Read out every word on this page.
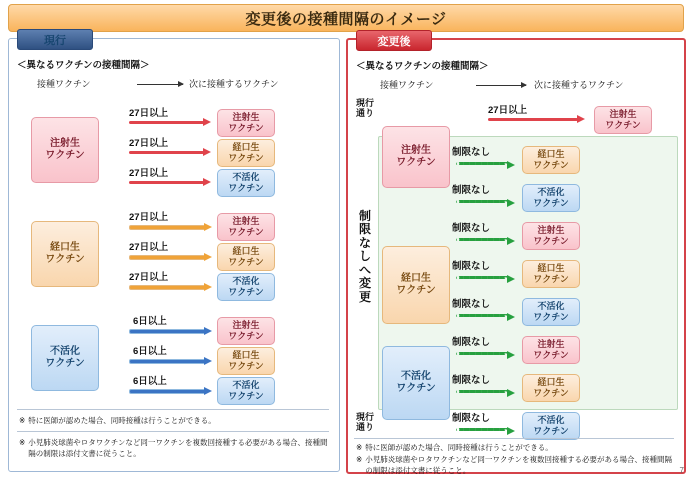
変更後の接種間隔のイメージ
現行
＜異なるワクチンの接種間隔＞
接種ワクチン	次に接種するワクチン
注射生
ワクチン
27日以上	注射生
ワクチン
27日以上	経口生
ワクチン
27日以上	不活化
ワクチン
経口生
ワクチン
27日以上	注射生
ワクチン
27日以上	経口生
ワクチン
27日以上	不活化
ワクチン
不活化
ワクチン
6日以上	注射生
ワクチン
6日以上	経口生
ワクチン
6日以上	不活化
ワクチン
※ 特に医師が認めた場合、同時接種は行うことができる。
※ 小児肺炎球菌やロタワクチンなど同一ワクチンを複数回接種する必要がある場合、接種間隔の制限は添付文書に従うこと。
変更後
＜異なるワクチンの接種間隔＞
接種ワクチン	次に接種するワクチン
現行
通り
制
限
な
し
へ
変
更
現行
通り
注射生
ワクチン
27日以上	注射生
ワクチン
制限なし	経口生
ワクチン
制限なし	不活化
ワクチン
経口生
ワクチン
制限なし	注射生
ワクチン
制限なし	経口生
ワクチン
制限なし	不活化
ワクチン
不活化
ワクチン
制限なし	注射生
ワクチン
制限なし	経口生
ワクチン
制限なし	不活化
ワクチン
※ 特に医師が認めた場合、同時接種は行うことができる。
※ 小児肺炎球菌やロタワクチンなど同一ワクチンを複数回接種する必要がある場合、接種間隔の制限は添付文書に従うこと。	7
